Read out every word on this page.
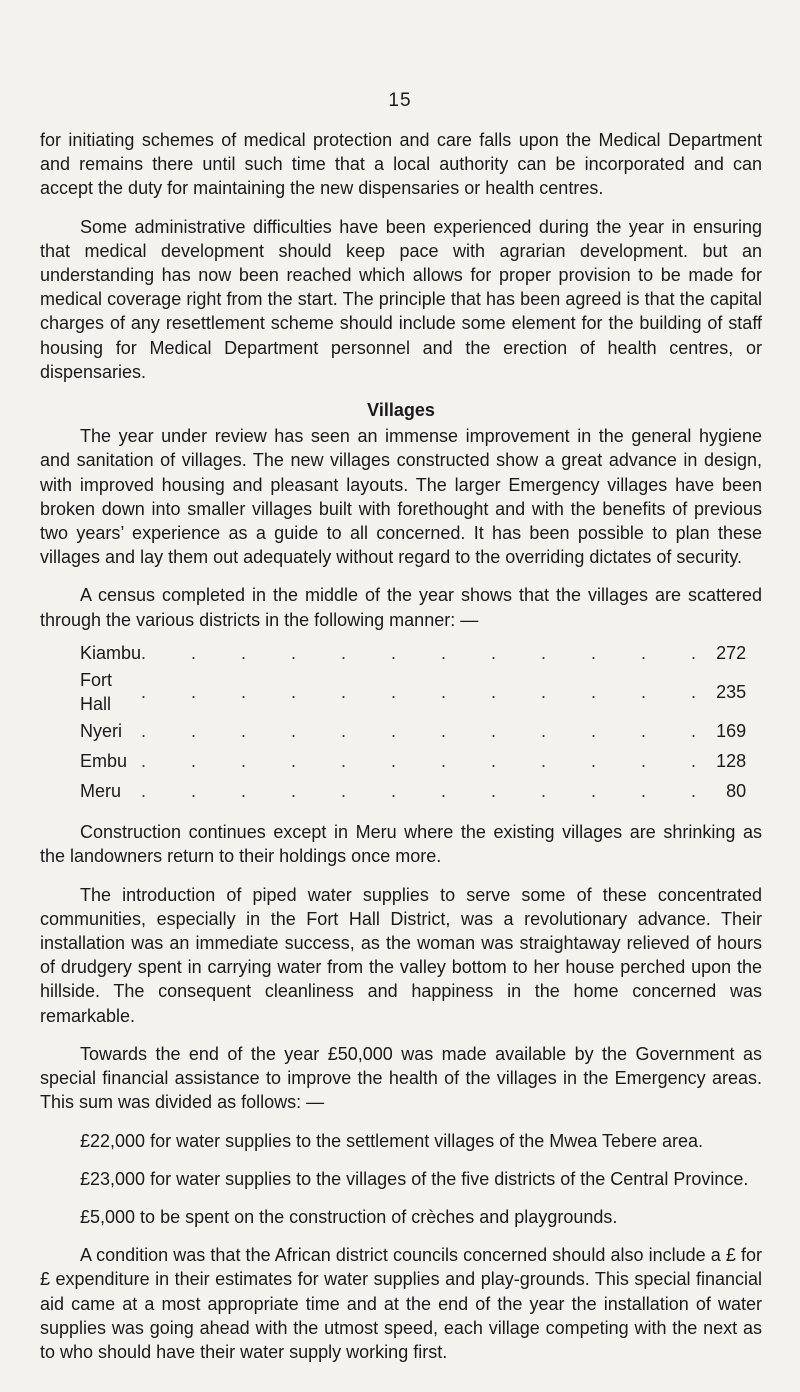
15

for initiating schemes of medical protection and care falls upon the Medical Department and remains there until such time that a local authority can be incorporated and can accept the duty for maintaining the new dispensaries or health centres.

Some administrative difficulties have been experienced during the year in ensuring that medical development should keep pace with agrarian development. but an understanding has now been reached which allows for proper provision to be made for medical coverage right from the start. The principle that has been agreed is that the capital charges of any resettlement scheme should include some element for the building of staff housing for Medical Department personnel and the erection of health centres, or dispensaries.

Villages

The year under review has seen an immense improvement in the general hygiene and sanitation of villages. The new villages constructed show a great advance in design, with improved housing and pleasant layouts. The larger Emergency villages have been broken down into smaller villages built with forethought and with the benefits of previous two years’ experience as a guide to all concerned. It has been possible to plan these villages and lay them out adequately without regard to the overriding dictates of security.

A census completed in the middle of the year shows that the villages are scattered through the various districts in the following manner: —

Kiambu	. . . . . . . . . . . .	272
Fort Hall	. . . . . . . . . . . .	235
Nyeri	. . . . . . . . . . . .	169
Embu	. . . . . . . . . . . .	128
Meru	. . . . . . . . . . . .	80

Construction continues except in Meru where the existing villages are shrinking as the landowners return to their holdings once more.

The introduction of piped water supplies to serve some of these concentrated communities, especially in the Fort Hall District, was a revolutionary advance. Their installation was an immediate success, as the woman was straightaway relieved of hours of drudgery spent in carrying water from the valley bottom to her house perched upon the hillside. The consequent cleanliness and happiness in the home concerned was remarkable.

Towards the end of the year £50,000 was made available by the Government as special financial assistance to improve the health of the villages in the Emergency areas. This sum was divided as follows: —

£22,000 for water supplies to the settlement villages of the Mwea Tebere area.

£23,000 for water supplies to the villages of the five districts of the Central Province.

£5,000 to be spent on the construction of crèches and playgrounds.

A condition was that the African district councils concerned should also include a £ for £ expenditure in their estimates for water supplies and play-grounds. This special financial aid came at a most appropriate time and at the end of the year the installation of water supplies was going ahead with the utmost speed, each village competing with the next as to who should have their water supply working first.
